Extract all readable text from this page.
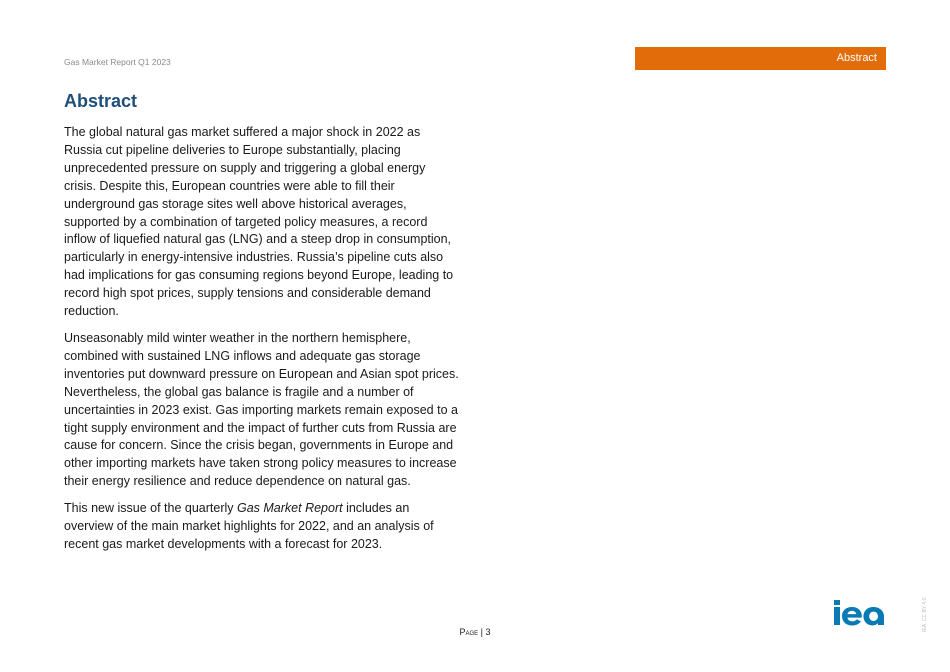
Gas Market Report Q1 2023	Abstract
Abstract

The global natural gas market suffered a major shock in 2022 as Russia cut pipeline deliveries to Europe substantially, placing unprecedented pressure on supply and triggering a global energy crisis. Despite this, European countries were able to fill their underground gas storage sites well above historical averages, supported by a combination of targeted policy measures, a record inflow of liquefied natural gas (LNG) and a steep drop in consumption, particularly in energy-intensive industries. Russia’s pipeline cuts also had implications for gas consuming regions beyond Europe, leading to record high spot prices, supply tensions and considerable demand reduction.

Unseasonably mild winter weather in the northern hemisphere, combined with sustained LNG inflows and adequate gas storage inventories put downward pressure on European and Asian spot prices. Nevertheless, the global gas balance is fragile and a number of uncertainties in 2023 exist. Gas importing markets remain exposed to a tight supply environment and the impact of further cuts from Russia are cause for concern. Since the crisis began, governments in Europe and other importing markets have taken strong policy measures to increase their energy resilience and reduce dependence on natural gas.

This new issue of the quarterly Gas Market Report includes an overview of the main market highlights for 2022, and an analysis of recent gas market developments with a forecast for 2023.

Page | 3	IEA. CC BY 4.0.
